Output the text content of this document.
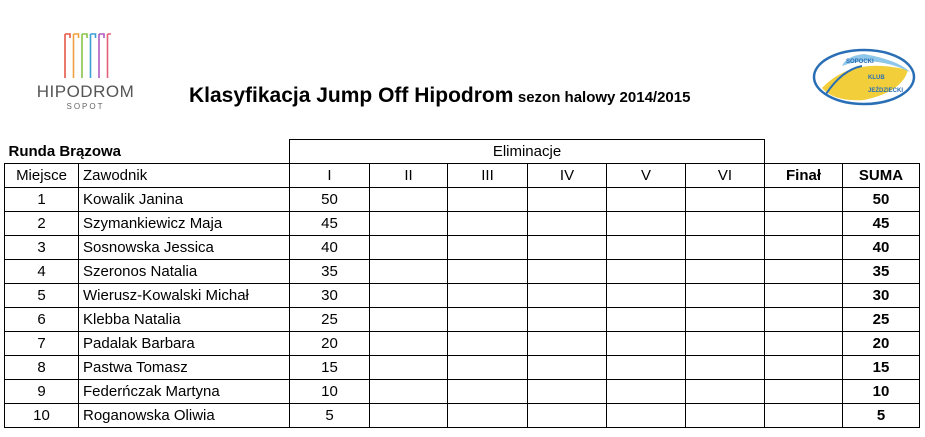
HIPODROM
SOPOT
SOPOCKI
KLUB
JEŹDZIECKI
Klasyfikacja Jump Off Hipodrom sezon halowy 2014/2015
Runda Brązowa		Eliminacje							
Miejsce	Zawodnik	I	II	III	IV	V	VI	Finał	SUMA
1	Kowalik Janina	50							50
2	Szymankiewicz Maja	45							45
3	Sosnowska Jessica	40							40
4	Szeronos Natalia	35							35
5	Wierusz-Kowalski Michał	30							30
6	Klebba Natalia	25							25
7	Padalak Barbara	20							20
8	Pastwa Tomasz	15							15
9	Federńczak Martyna	10							10
10	Roganowska Oliwia	5							5
